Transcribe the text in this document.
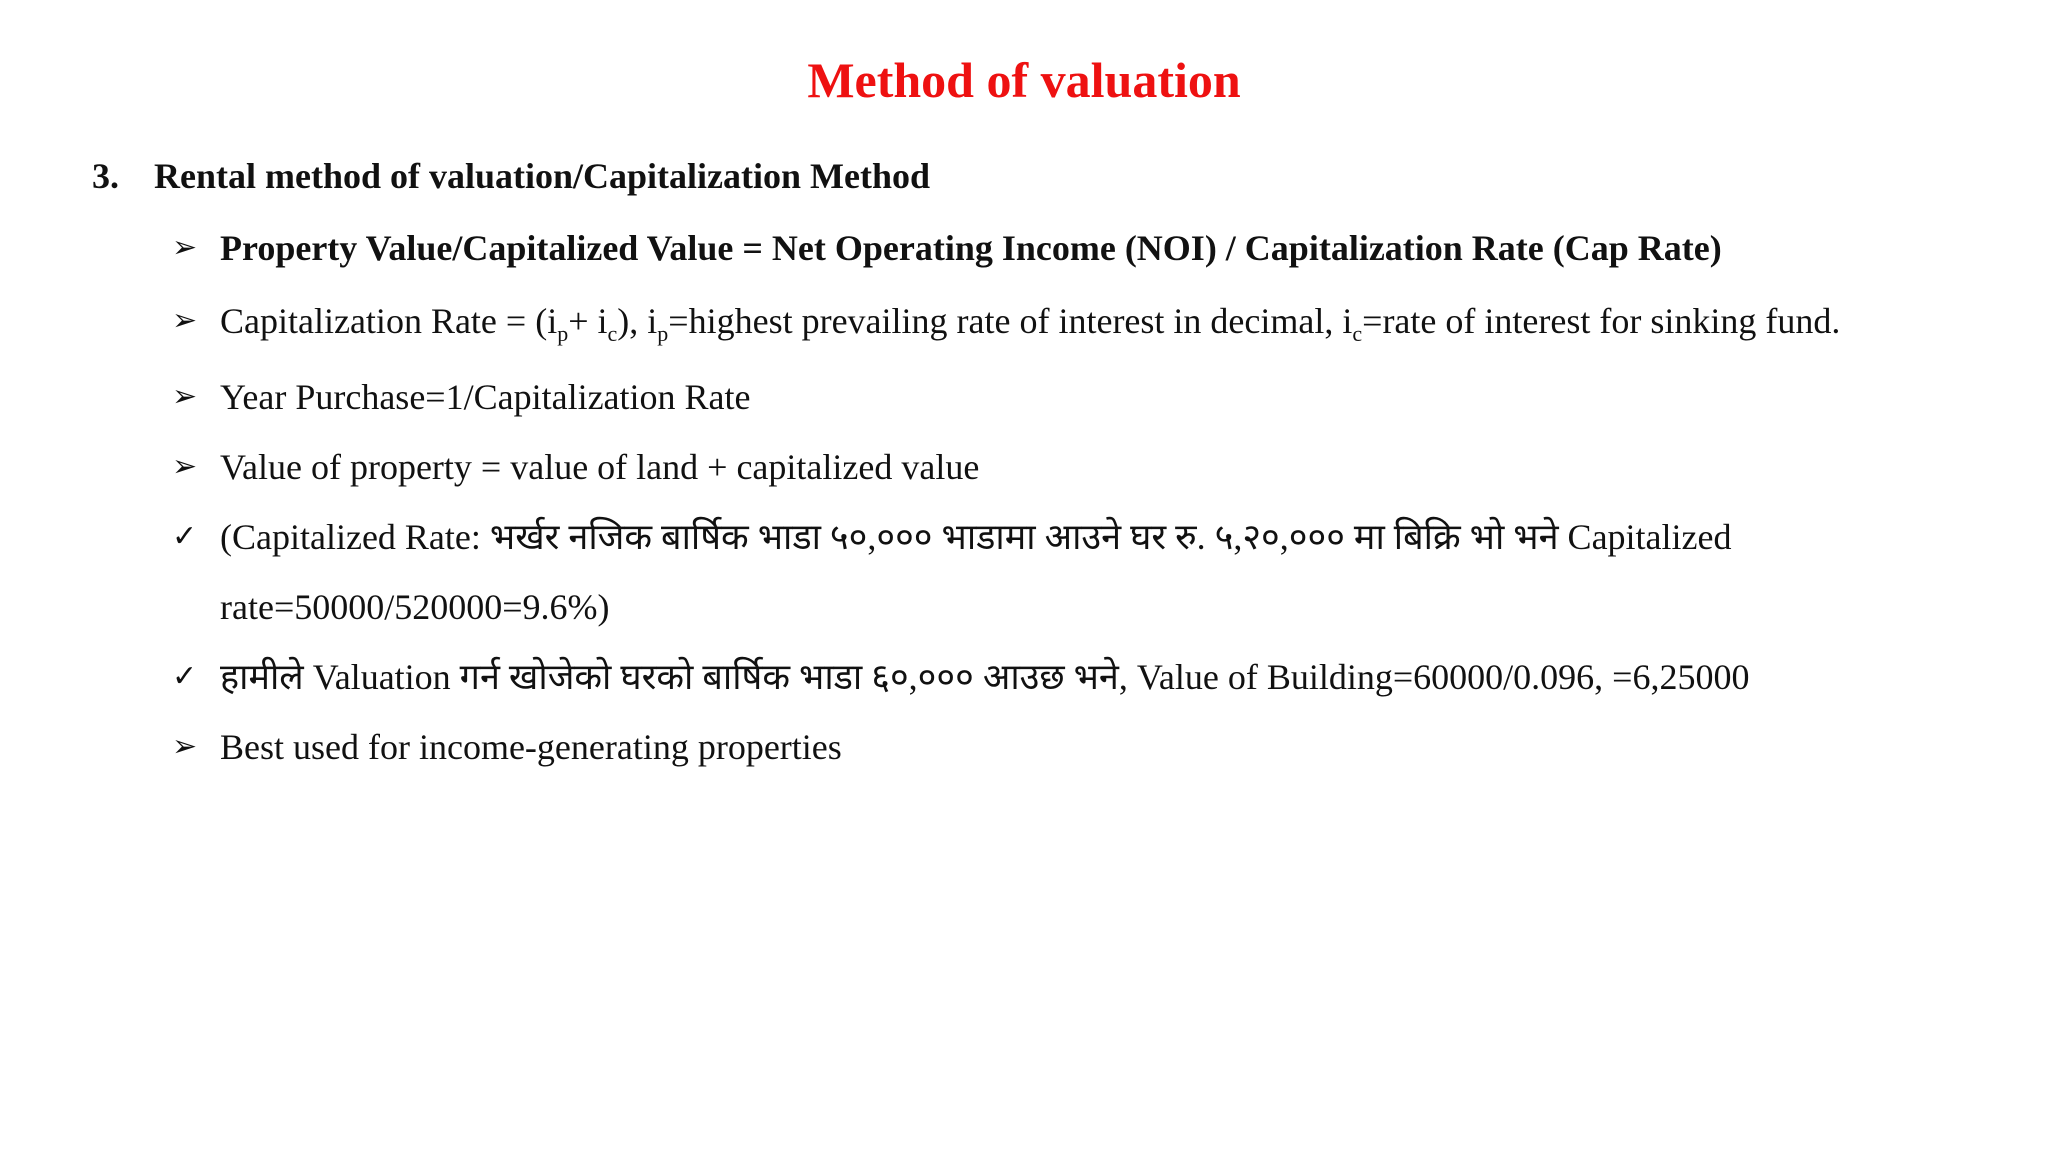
Method of valuation
3. Rental method of valuation/Capitalization Method
➢ Property Value/Capitalized Value = Net Operating Income (NOI) / Capitalization Rate (Cap Rate)
➢ Capitalization Rate = $(i_p+ i_c)$, $i_p=highest$ prevailing rate of interest in decimal, $i_c=rate$ of interest for sinking fund.
➢ Year Purchase=1/Capitalization Rate
➢ Value of property = value of land + capitalized value
✓ (Capitalized Rate: भर्खर नजिक बार्षिक भाडा ५०,००० भाडामा आउने घर रु. ५,२०,००० मा बिक्रि भो भने Capitalized
rate=50000/520000=9.6%)
✓ हामीले Valuation गर्न खोजेको घरको बार्षिक भाडा ६०,००० आउछ भने, Value of Building=60000/0.096, =6,25000
➢ Best used for income-generating properties
